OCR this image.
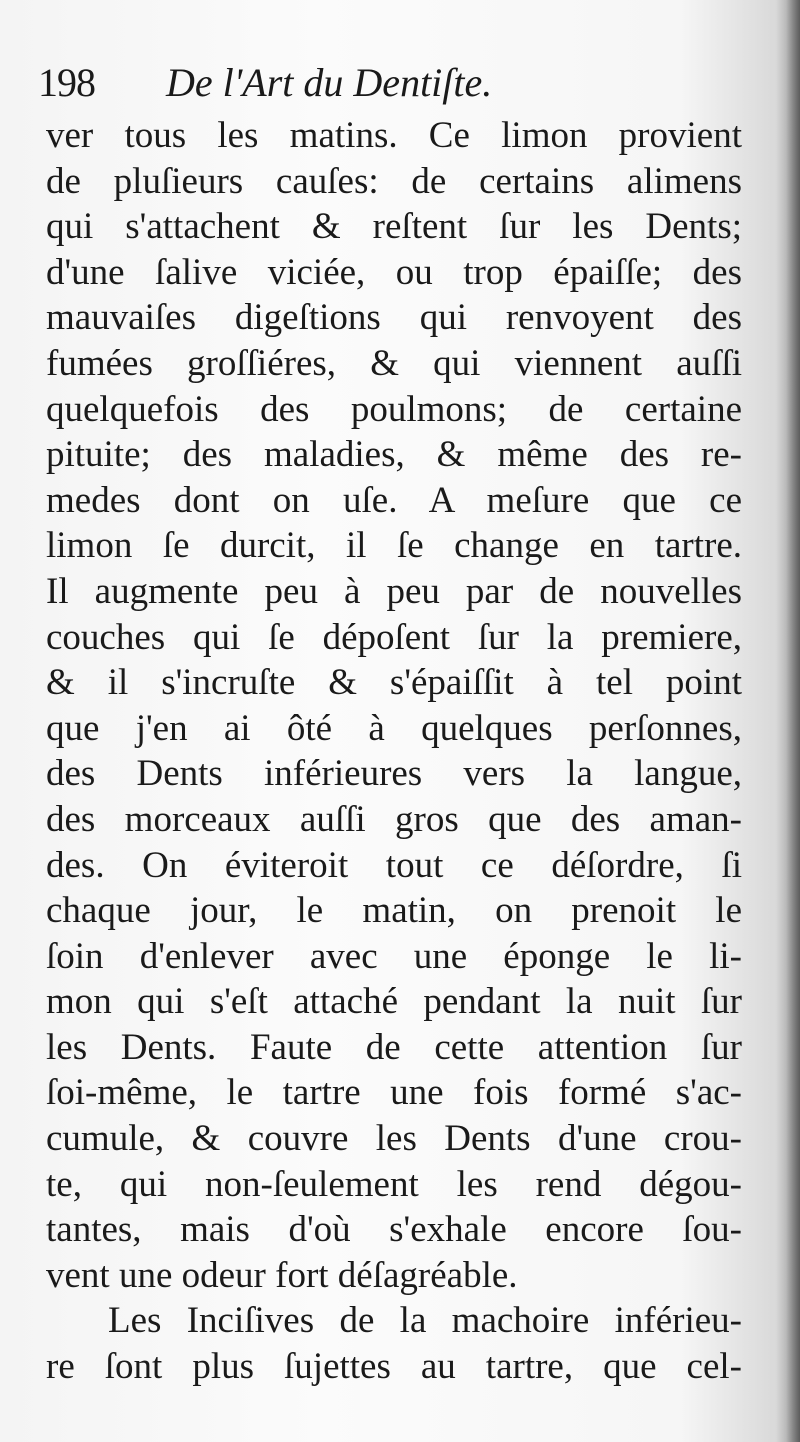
198 De l'Art du Dentiſte.
ver tous les matins. Ce limon provient
de pluſieurs cauſes: de certains alimens
qui s'attachent & reſtent ſur les Dents;
d'une ſalive viciée, ou trop épaiſſe; des
mauvaiſes digeſtions qui renvoyent des
fumées groſſiéres, & qui viennent auſſi
quelquefois des poulmons; de certaine
pituite; des maladies, & même des re-
medes dont on uſe. A meſure que ce
limon ſe durcit, il ſe change en tartre.
Il augmente peu à peu par de nouvelles
couches qui ſe dépoſent ſur la premiere,
& il s'incruſte & s'épaiſſit à tel point
que j'en ai ôté à quelques perſonnes,
des Dents inférieures vers la langue,
des morceaux auſſi gros que des aman-
des. On éviteroit tout ce déſordre, ſi
chaque jour, le matin, on prenoit le
ſoin d'enlever avec une éponge le li-
mon qui s'eſt attaché pendant la nuit ſur
les Dents. Faute de cette attention ſur
ſoi-même, le tartre une fois formé s'ac-
cumule, & couvre les Dents d'une crou-
te, qui non-ſeulement les rend dégou-
tantes, mais d'où s'exhale encore ſou-
vent une odeur fort déſagréable.
Les Inciſives de la machoire inférieu-
re ſont plus ſujettes au tartre, que cel-
